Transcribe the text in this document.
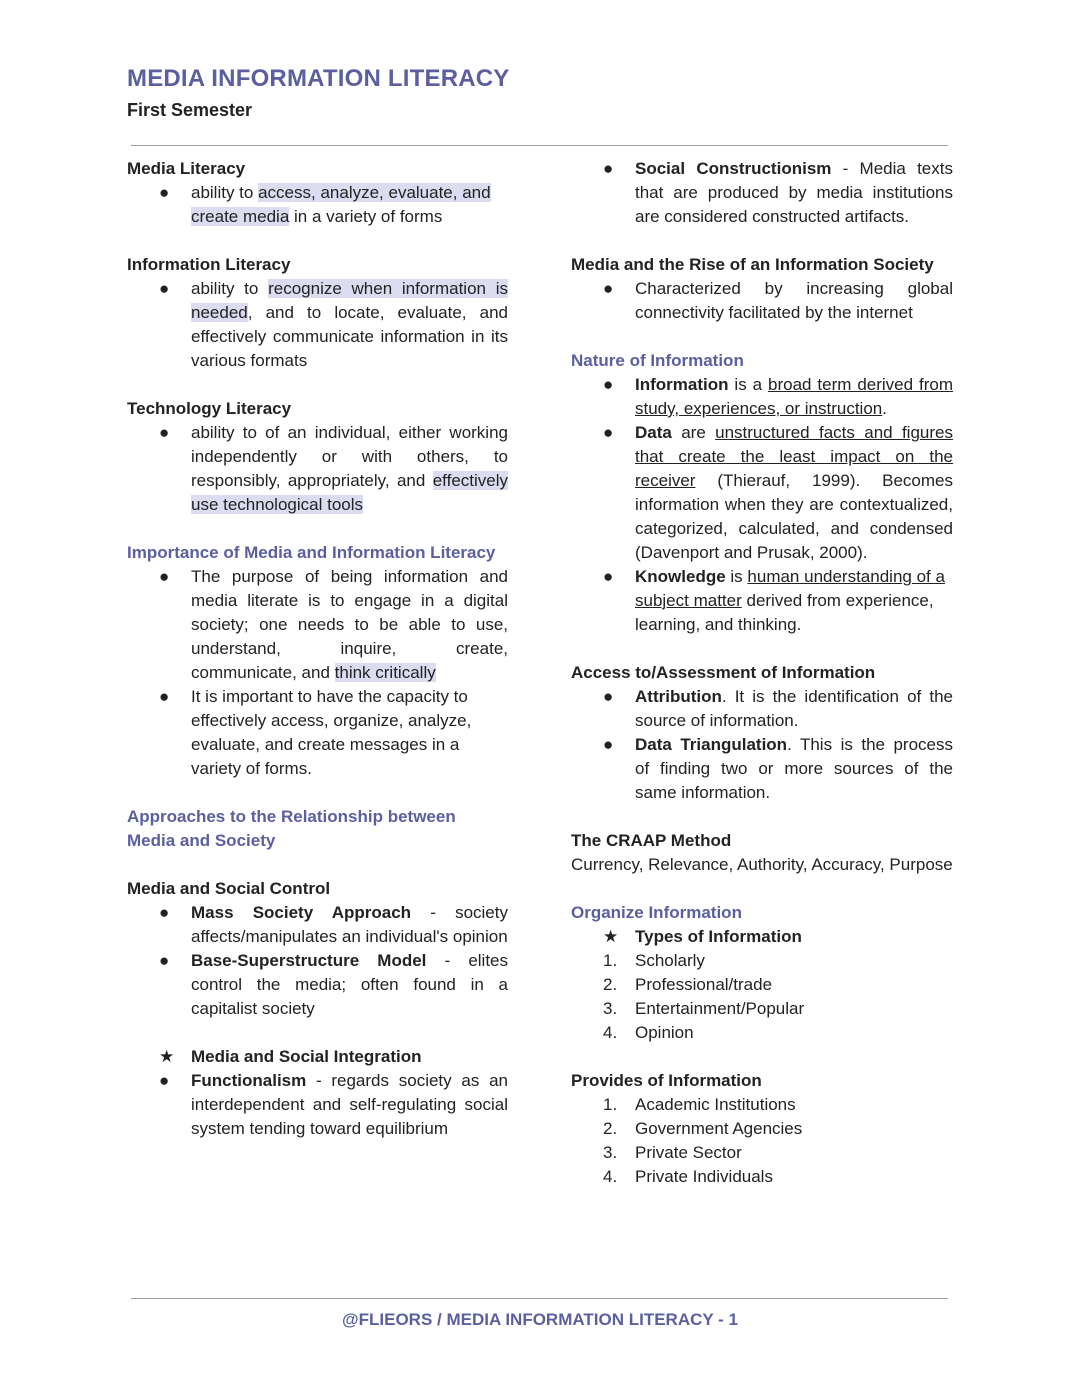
MEDIA INFORMATION LITERACY
First Semester

Media Literacy

● ability to access, analyze, evaluate, and create media in a variety of forms

Information Literacy

● ability to recognize when information is needed, and to locate, evaluate, and effectively communicate information in its various formats

Technology Literacy

● ability to of an individual, either working independently or with others, to responsibly, appropriately, and effectively use technological tools

Importance of Media and Information Literacy

● The purpose of being information and media literate is to engage in a digital society; one needs to be able to use, understand, inquire, create, communicate, and think critically
● It is important to have the capacity to effectively access, organize, analyze, evaluate, and create messages in a variety of forms.

Approaches to the Relationship between Media and Society

Media and Social Control

● Mass Society Approach - society affects/manipulates an individual's opinion
● Base-Superstructure Model - elites control the media; often found in a capitalist society
★ Media and Social Integration
● Functionalism - regards society as an interdependent and self-regulating social system tending toward equilibrium
● Social Constructionism - Media texts that are produced by media institutions are considered constructed artifacts.

Media and the Rise of an Information Society

● Characterized by increasing global connectivity facilitated by the internet

Nature of Information

● Information is a broad term derived from study, experiences, or instruction.
● Data are unstructured facts and figures that create the least impact on the receiver (Thierauf, 1999). Becomes information when they are contextualized, categorized, calculated, and condensed (Davenport and Prusak, 2000).
● Knowledge is human understanding of a subject matter derived from experience, learning, and thinking.

Access to/Assessment of Information

● Attribution. It is the identification of the source of information.
● Data Triangulation. This is the process of finding two or more sources of the same information.

The CRAAP Method

Currency, Relevance, Authority, Accuracy, Purpose

Organize Information

★ Types of Information
1. Scholarly
2. Professional/trade
3. Entertainment/Popular
4. Opinion

Provides of Information

1. Academic Institutions
2. Government Agencies
3. Private Sector
4. Private Individuals
@FLIEORS / MEDIA INFORMATION LITERACY - 1
